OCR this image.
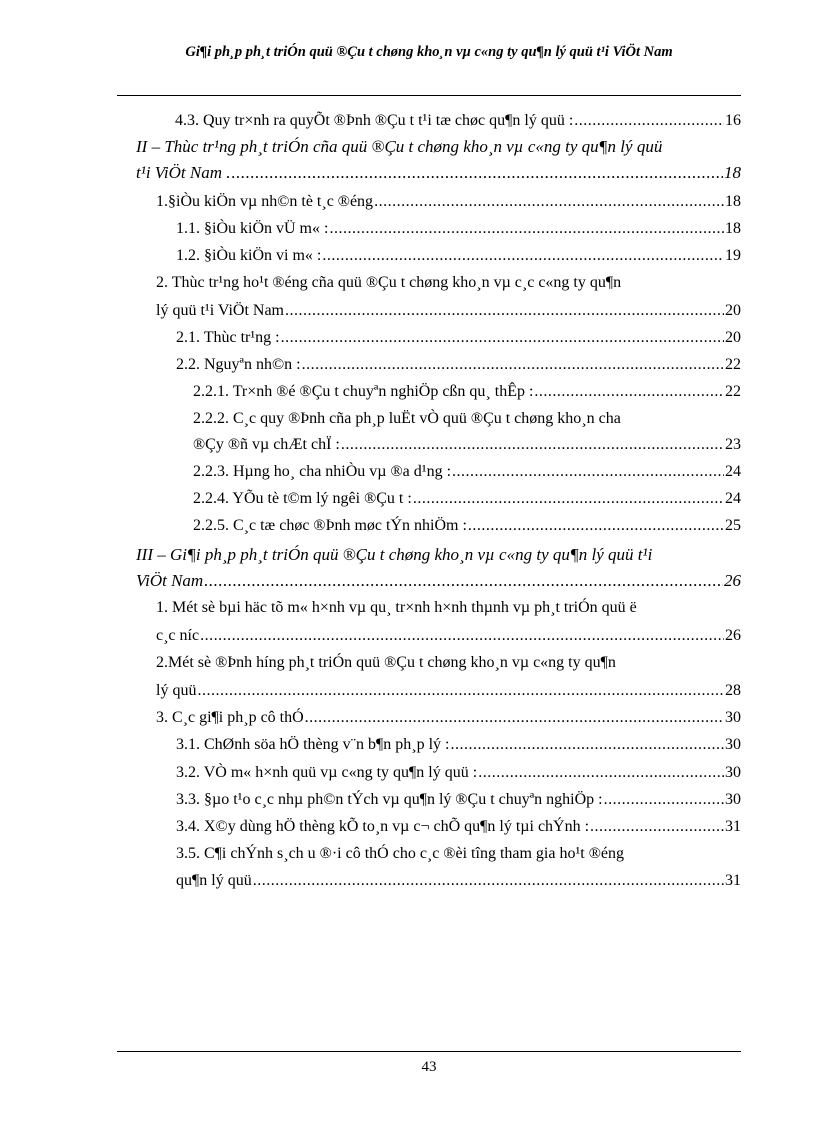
Gi¶i ph¸p ph¸t triÓn quü ®Çu t chøng kho¸n vµ c«ng ty qu¶n lý quü t¹i ViÖt Nam
4.3. Quy tr×nh ra quyÕt ®Þnh ®Çu t t¹i tæ chøc qu¶n lý quü : .....	16
II – Thùc tr¹ng ph¸t triÓn cña quü ®Çu t chøng kho¸n vµ c«ng ty qu¶n lý quü
t¹i ViÖt Nam . .....	18
1.§iÒu kiÖn vµ nh©n tè t¸c ®éng .....	18
1.1. §iÒu kiÖn vÜ m« : .....	18
1.2. §iÒu kiÖn vi m« : .....	19
2. Thùc tr¹ng ho¹t ®éng cña quü ®Çu t chøng kho¸n vµ c¸c c«ng ty qu¶n
lý quü t¹i ViÖt Nam .....	20
2.1. Thùc tr¹ng : .....	20
2.2. Nguyªn nh©n : .....	22
2.2.1. Tr×nh ®é ®Çu t chuyªn nghiÖp cßn qu¸ thÊp : .....	22
2.2.2. C¸c quy ®Þnh cña ph¸p luËt vÒ quü ®Çu t chøng kho¸n cha
®Çy ®ñ vµ chÆt chÏ : .....	23
2.2.3. Hµng ho¸ cha nhiÒu vµ ®a d¹ng : .....	24
2.2.4. YÕu tè t©m lý ngêi ®Çu t : .....	24
2.2.5. C¸c tæ chøc ®Þnh møc tÝn nhiÖm : .....	25
III – Gi¶i ph¸p ph¸t triÓn quü ®Çu t chøng kho¸n vµ c«ng ty qu¶n lý quü t¹i
ViÖt Nam .....	26
1. Mét sè bµi häc tõ m« h×nh vµ qu¸ tr×nh h×nh thµnh vµ ph¸t triÓn quü ë
c¸c níc .....	26
2.Mét sè ®Þnh híng ph¸t triÓn quü ®Çu t chøng kho¸n vµ c«ng ty qu¶n
lý quü .....	28
3. C¸c gi¶i ph¸p cô thÓ .....	30
3.1. ChØnh söa hÖ thèng v¨n b¶n ph¸p lý : .....	30
3.2. VÒ m« h×nh quü vµ c«ng ty qu¶n lý quü : .....	30
3.3. §µo t¹o c¸c nhµ ph©n tÝch vµ qu¶n lý ®Çu t chuyªn nghiÖp : .....	30
3.4. X©y dùng hÖ thèng kÕ to¸n vµ c¬ chÕ qu¶n lý tµi chÝnh : .....	31
3.5. C¶i chÝnh s¸ch u ®·i cô thÓ cho c¸c ®èi tîng tham gia ho¹t ®éng
qu¶n lý quü .....	31
43
